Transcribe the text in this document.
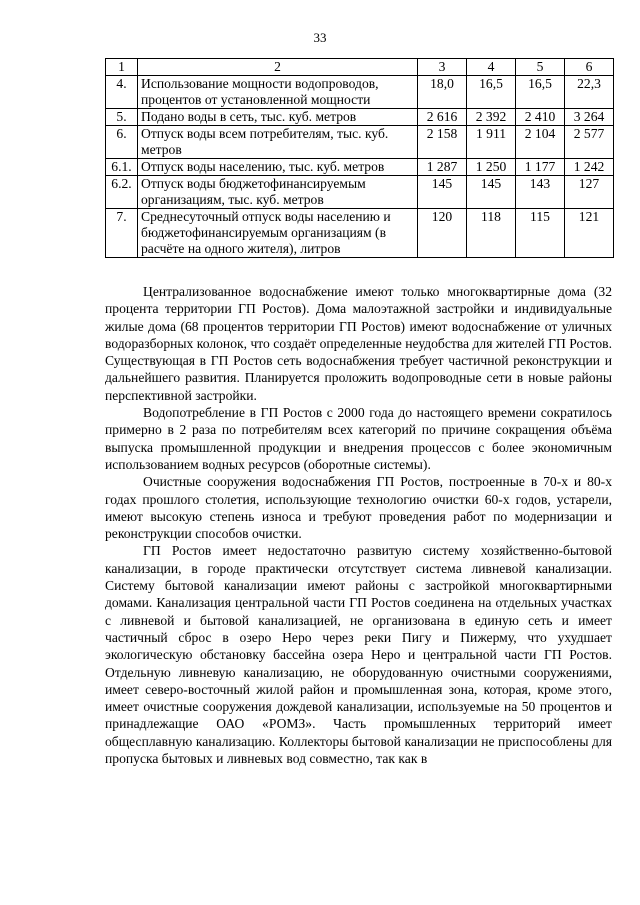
33
1	2	3	4	5	6
4.	Использование мощности водопроводов, процентов от установленной мощности	18,0	16,5	16,5	22,3
5.	Подано воды в сеть, тыс. куб. метров	2 616	2 392	2 410	3 264
6.	Отпуск воды всем потребителям, тыс. куб. метров	2 158	1 911	2 104	2 577
6.1.	Отпуск воды населению, тыс. куб. метров	1 287	1 250	1 177	1 242
6.2.	Отпуск воды бюджетофинансируемым организациям, тыс. куб. метров	145	145	143	127
7.	Среднесуточный отпуск воды населению и бюджетофинансируемым организациям (в расчёте на одного жителя), литров	120	118	115	121

Централизованное водоснабжение имеют только многоквартирные дома (32 процента территории ГП Ростов). Дома малоэтажной застройки и индивидуальные жилые дома (68 процентов территории ГП Ростов) имеют водоснабжение от уличных водоразборных колонок, что создаёт определенные неудобства для жителей ГП Ростов. Существующая в ГП Ростов сеть водоснабжения требует частичной реконструкции и дальнейшего развития. Планируется проложить водопроводные сети в новые районы перспективной застройки.

Водопотребление в ГП Ростов с 2000 года до настоящего времени сократилось примерно в 2 раза по потребителям всех категорий по причине сокращения объёма выпуска промышленной продукции и внедрения процессов с более экономичным использованием водных ресурсов (оборотные системы).

Очистные сооружения водоснабжения ГП Ростов, построенные в 70-х и 80-х годах прошлого столетия, использующие технологию очистки 60-х годов, устарели, имеют высокую степень износа и требуют проведения работ по модернизации и реконструкции способов очистки.

ГП Ростов имеет недостаточно развитую систему хозяйственно-бытовой канализации, в городе практически отсутствует система ливневой канализации. Систему бытовой канализации имеют районы с застройкой многоквартирными домами. Канализация центральной части ГП Ростов соединена на отдельных участках с ливневой и бытовой канализацией, не организована в единую сеть и имеет частичный сброс в озеро Неро через реки Пигу и Пижерму, что ухудшает экологическую обстановку бассейна озера Неро и центральной части ГП Ростов. Отдельную ливневую канализацию, не оборудованную очистными сооружениями, имеет северо-восточный жилой район и промышленная зона, которая, кроме этого, имеет очистные сооружения дождевой канализации, используемые на 50 процентов и принадлежащие ОАО «РОМЗ». Часть промышленных территорий имеет общесплавную канализацию. Коллекторы бытовой канализации не приспособлены для пропуска бытовых и ливневых вод совместно, так как в
